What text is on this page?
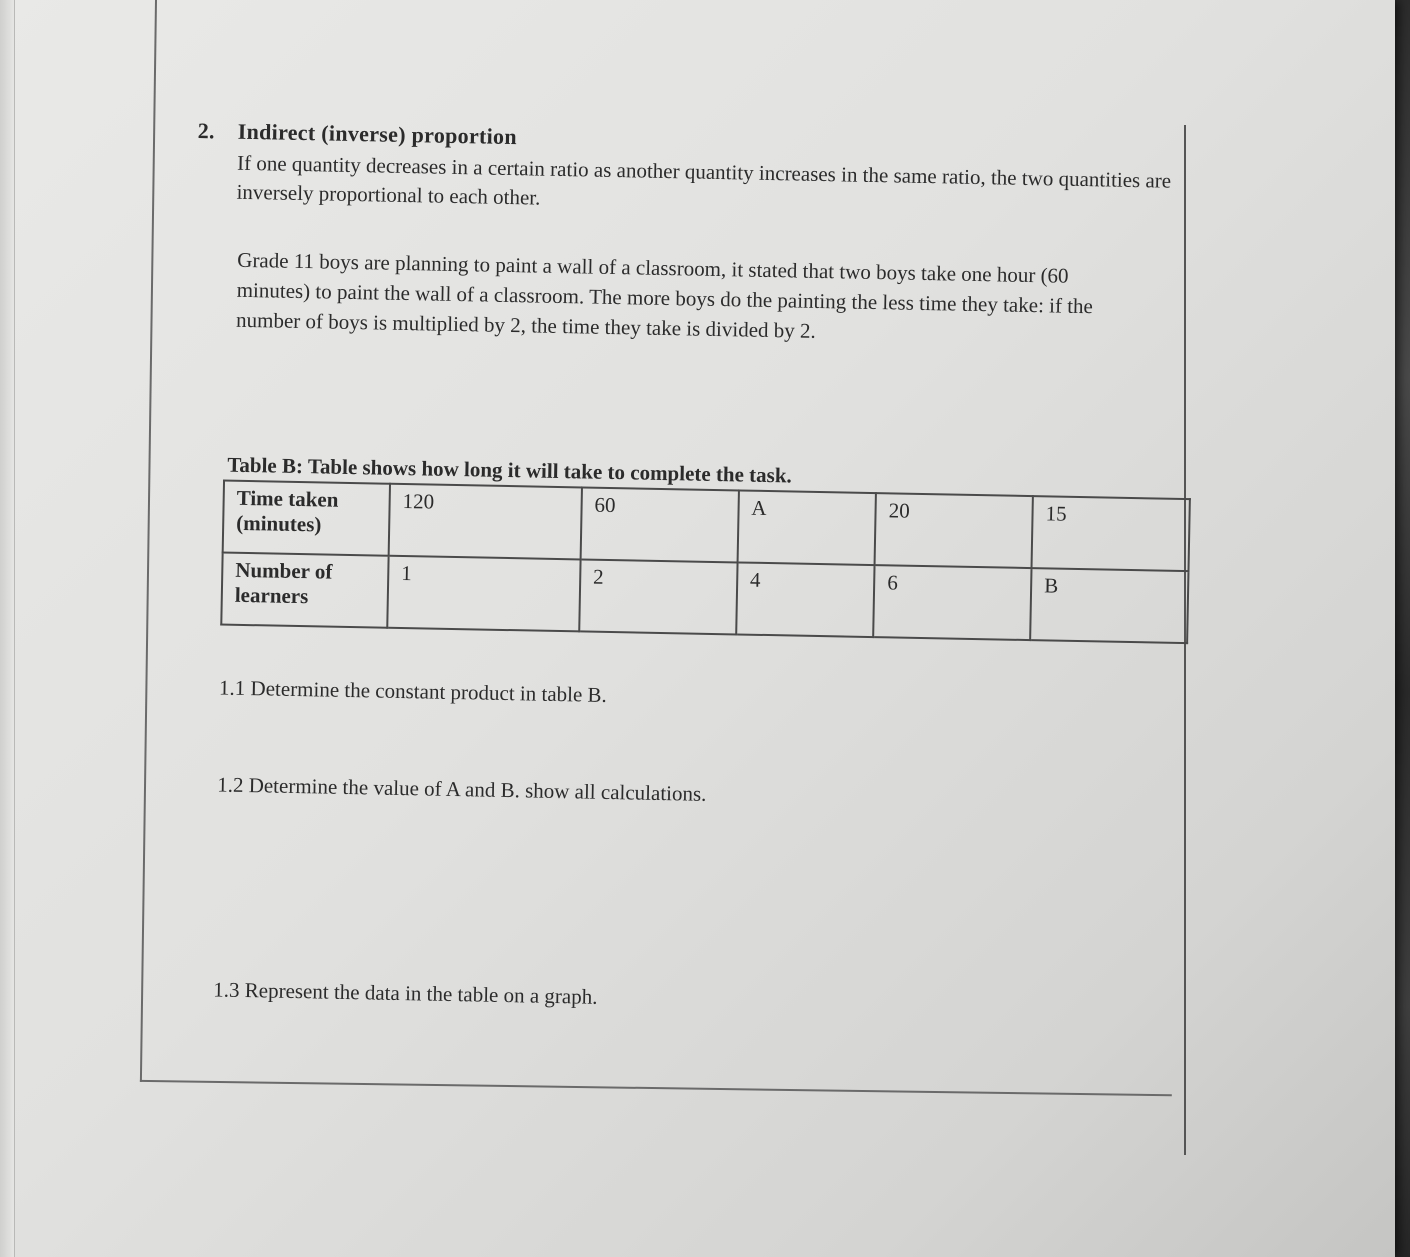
2. Indirect (inverse) proportion
If one quantity decreases in a certain ratio as another quantity increases in the same ratio, the two quantities are inversely proportional to each other.
Grade 11 boys are planning to paint a wall of a classroom, it stated that two boys take one hour (60 minutes) to paint the wall of a classroom. The more boys do the painting the less time they take: if the number of boys is multiplied by 2, the time they take is divided by 2.
Table B: Table shows how long it will take to complete the task.
Time taken (minutes)	120	60	A	20	15
Number of learners	1	2	4	6	B
1.1 Determine the constant product in table B.
1.2 Determine the value of A and B. show all calculations.
1.3 Represent the data in the table on a graph.
